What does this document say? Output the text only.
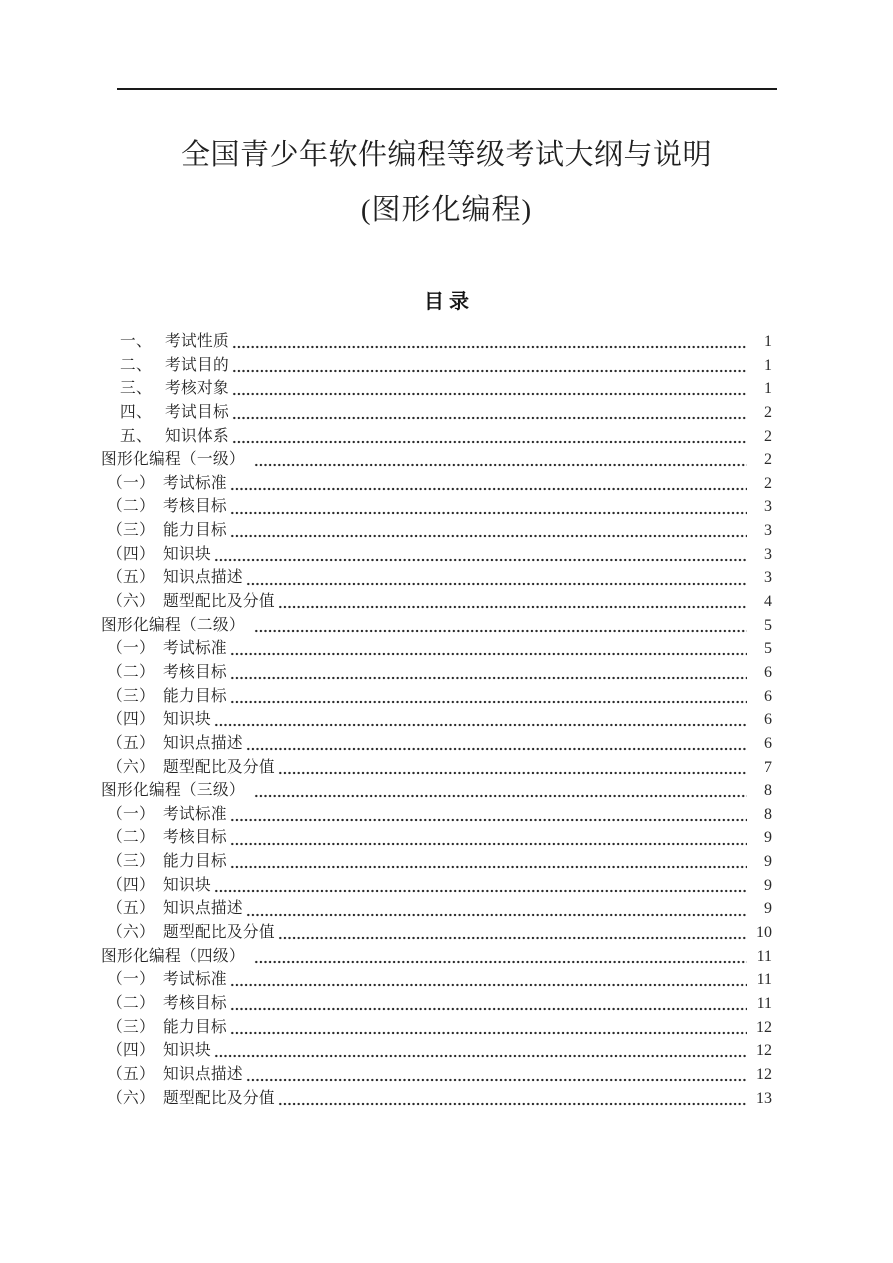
全国青少年软件编程等级考试大纲与说明
(图形化编程)
目 录
一、 考试性质	1
二、 考试目的	1
三、 考核对象	1
四、 考试目标	2
五、 知识体系	2
图形化编程（一级）	2
（一） 考试标准	2
（二） 考核目标	3
（三） 能力目标	3
（四） 知识块	3
（五） 知识点描述	3
（六） 题型配比及分值	4
图形化编程（二级）	5
（一） 考试标准	5
（二） 考核目标	6
（三） 能力目标	6
（四） 知识块	6
（五） 知识点描述	6
（六） 题型配比及分值	7
图形化编程（三级）	8
（一） 考试标准	8
（二） 考核目标	9
（三） 能力目标	9
（四） 知识块	9
（五） 知识点描述	9
（六） 题型配比及分值	10
图形化编程（四级）	11
（一） 考试标准	11
（二） 考核目标	11
（三） 能力目标	12
（四） 知识块	12
（五） 知识点描述	12
（六） 题型配比及分值	13
